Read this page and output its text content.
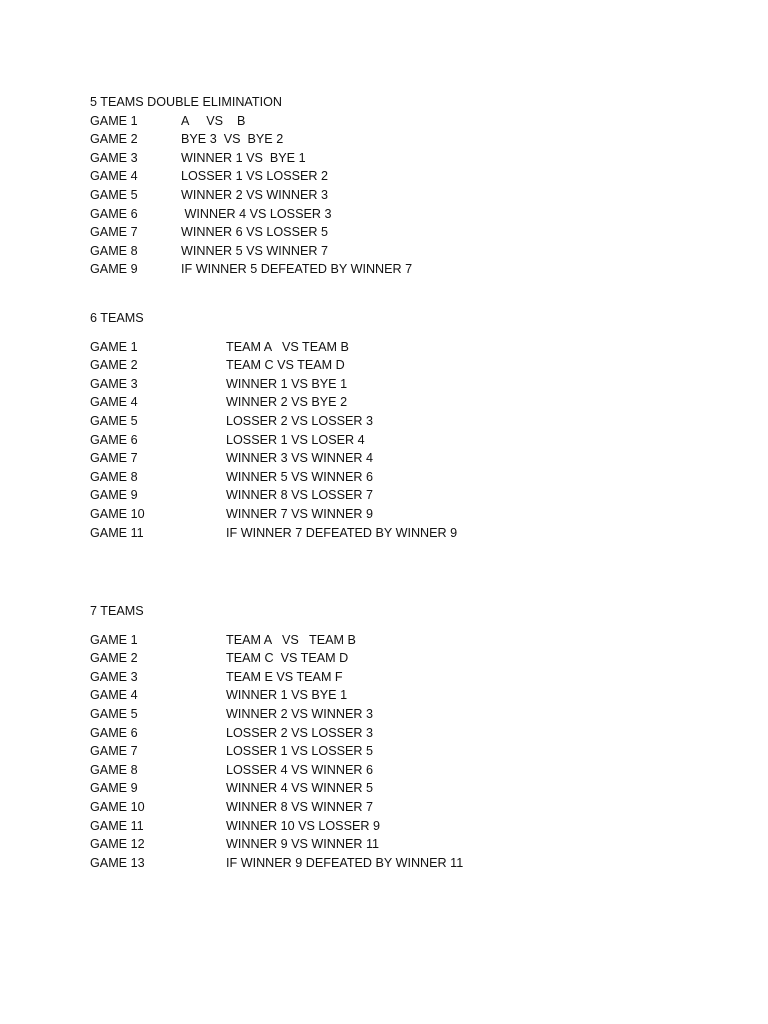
5 TEAMS DOUBLE ELIMINATION
GAME 1	A     VS    B
GAME 2	BYE 3  VS  BYE 2
GAME 3	WINNER 1 VS  BYE 1
GAME 4	LOSSER 1 VS LOSSER 2
GAME 5	WINNER 2 VS WINNER 3
GAME 6	WINNER 4 VS LOSSER 3
GAME 7	WINNER 6 VS LOSSER 5
GAME 8	WINNER 5 VS WINNER 7
GAME 9	IF WINNER 5 DEFEATED BY WINNER 7
6 TEAMS
GAME 1	TEAM A   VS TEAM B
GAME 2	TEAM C VS TEAM D
GAME 3	WINNER 1 VS BYE 1
GAME 4	WINNER 2 VS BYE 2
GAME 5	LOSSER 2 VS LOSSER 3
GAME 6	LOSSER 1 VS LOSER 4
GAME 7	WINNER 3 VS WINNER 4
GAME 8	WINNER 5 VS WINNER 6
GAME 9	WINNER 8 VS LOSSER 7
GAME 10	WINNER 7 VS WINNER 9
GAME 11	IF WINNER 7 DEFEATED BY WINNER 9
7 TEAMS
GAME 1	TEAM A   VS   TEAM B
GAME 2	TEAM C  VS TEAM D
GAME 3	TEAM E VS TEAM F
GAME 4	WINNER 1 VS BYE 1
GAME 5	WINNER 2 VS WINNER 3
GAME 6	LOSSER 2 VS LOSSER 3
GAME 7	LOSSER 1 VS LOSSER 5
GAME 8	LOSSER 4 VS WINNER 6
GAME 9	WINNER 4 VS WINNER 5
GAME 10	WINNER 8 VS WINNER 7
GAME 11	WINNER 10 VS LOSSER 9
GAME 12	WINNER 9 VS WINNER 11
GAME 13	IF WINNER 9 DEFEATED BY WINNER 11
